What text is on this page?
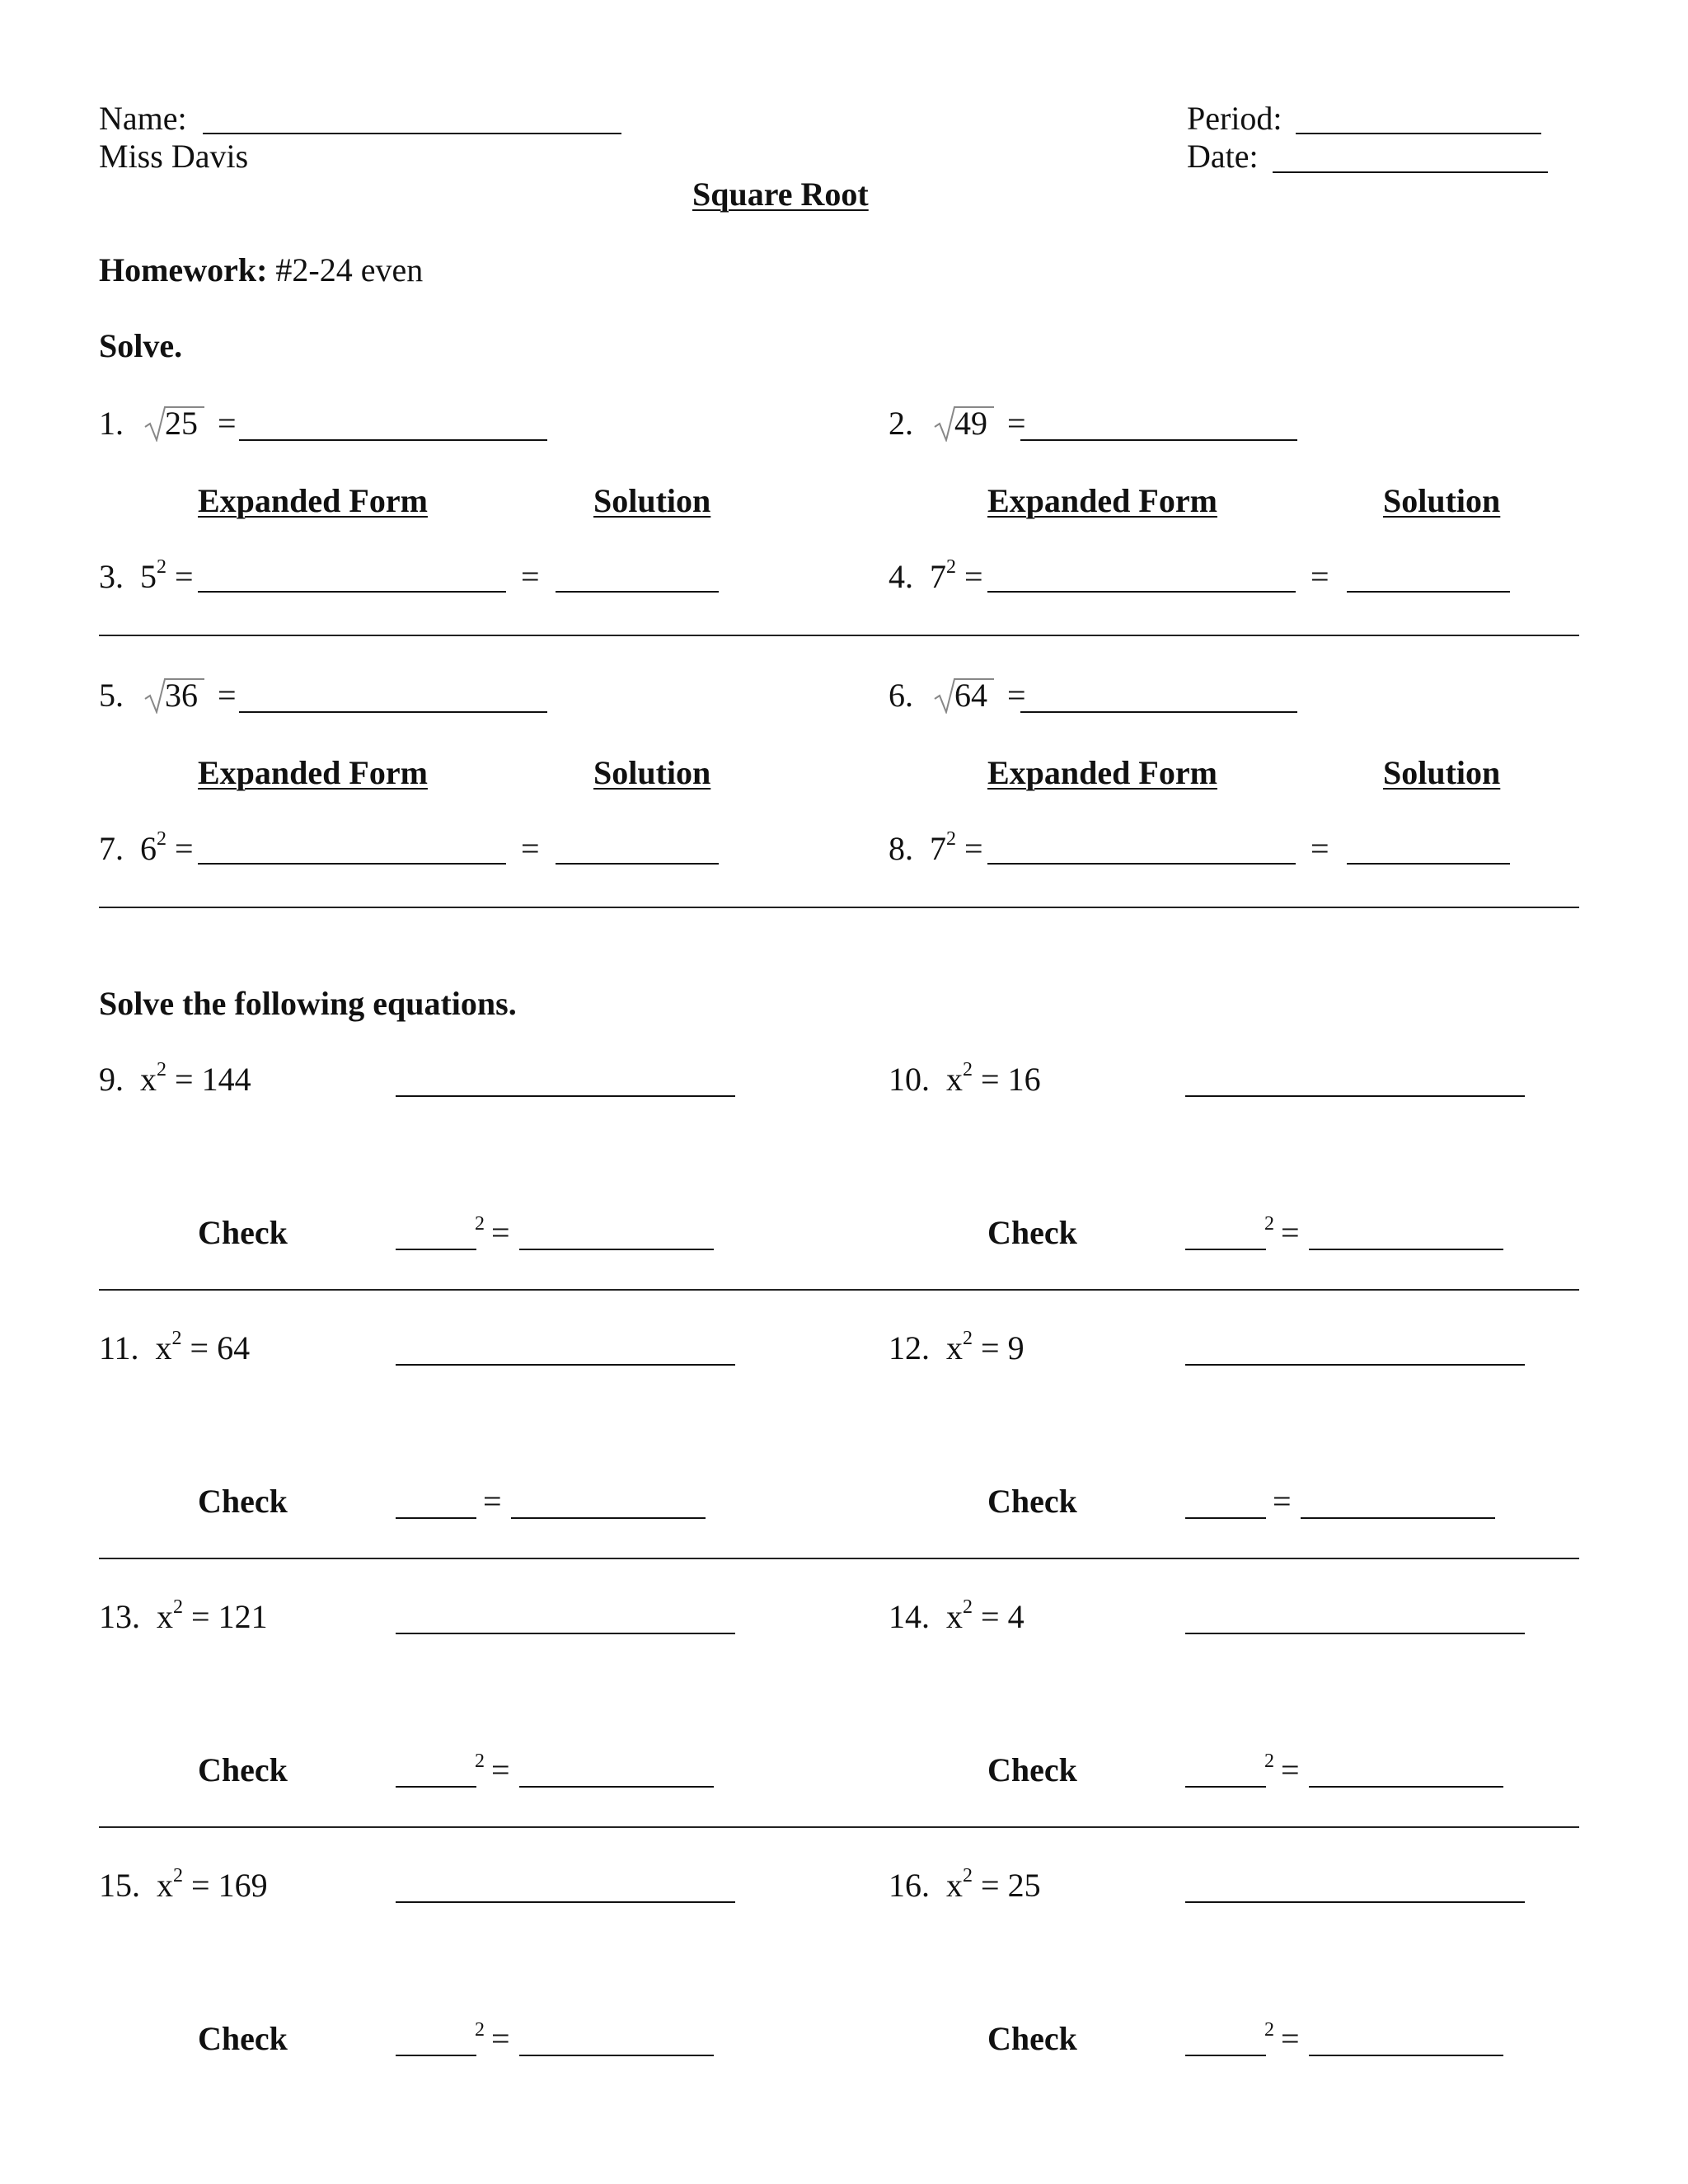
Name:
Miss Davis
Period:
Date:
Square Root
Homework: #2-24 even
Solve.
1. 25 =	2. 49 =
Expanded Form	Solution	Expanded Form	Solution
3. $5^2$ =	=	4. $7^2$ =	=
5. 36 =	6. 64 =
Expanded Form	Solution	Expanded Form	Solution
7. $6^2$ =	=	8. $7^2$ =	=
Solve the following equations.
9. $x^2 = 144$	10. $x^2 = 16$
Check	2 =	Check	2 =
11. $x^2 = 64$	12. $x^2 = 9$
Check	=	Check	=
13. $x^2 = 121$	14. $x^2 = 4$
Check	2 =	Check	2 =
15. $x^2 = 169$	16. $x^2 = 25$
Check	2 =	Check	2 =
